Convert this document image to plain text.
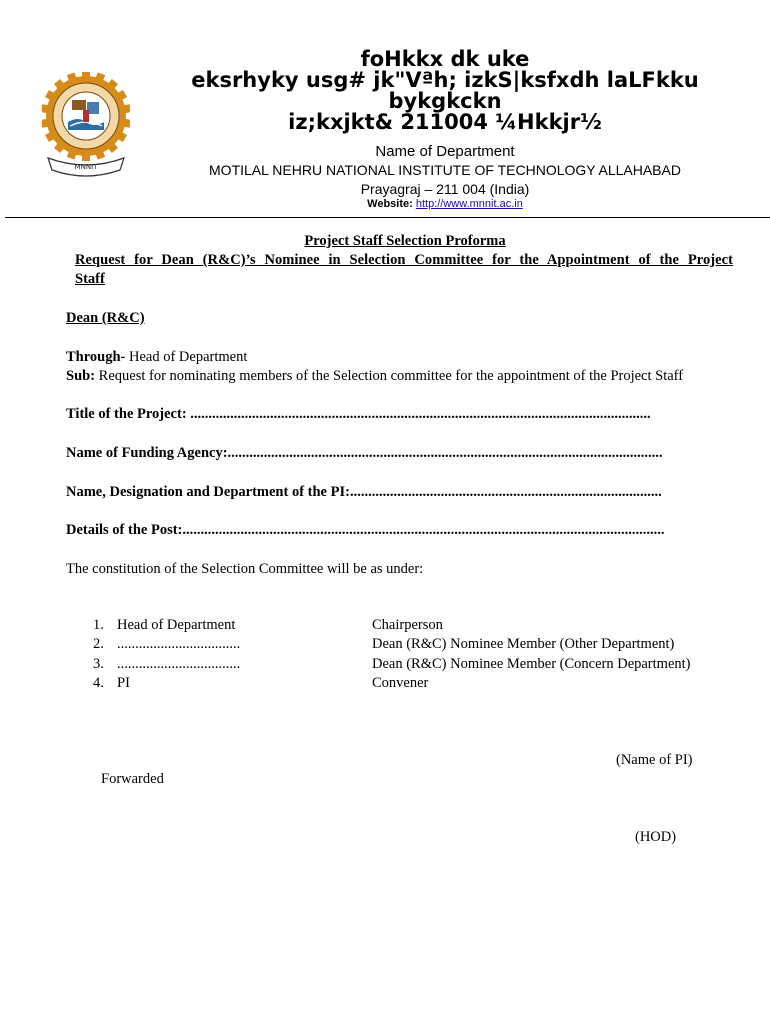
MNNIT
foHkkx dk uke
eksrhyky usg# jk"Vªh; izkS|ksfxdh laLFkku
bykgkckn
iz;kxjkt& 211004 ¼Hkkjr½
Name of Department
MOTILAL NEHRU NATIONAL INSTITUTE OF TECHNOLOGY ALLAHABAD
Prayagraj – 211 004 (India)
Website: http://www.mnnit.ac.in
Project Staff Selection Proforma
Request for Dean (R&C)’s Nominee in Selection Committee for the Appointment of the Project
Staff
Dean (R&C)
Through- Head of Department
Sub: Request for nominating members of the Selection committee for the appointment of the Project Staff
Title of the Project: ...............................................................................................................................
Name of Funding Agency:........................................................................................................................
Name, Designation and Department of the PI:......................................................................................
Details of the Post:.....................................................................................................................................
The constitution of the Selection Committee will be as under:
1. Head of Department	Chairperson
2. ..................................	Dean (R&C) Nominee Member (Other Department)
3. ..................................	Dean (R&C) Nominee Member (Concern Department)
4. PI	Convener
(Name of PI)
Forwarded
(HOD)
